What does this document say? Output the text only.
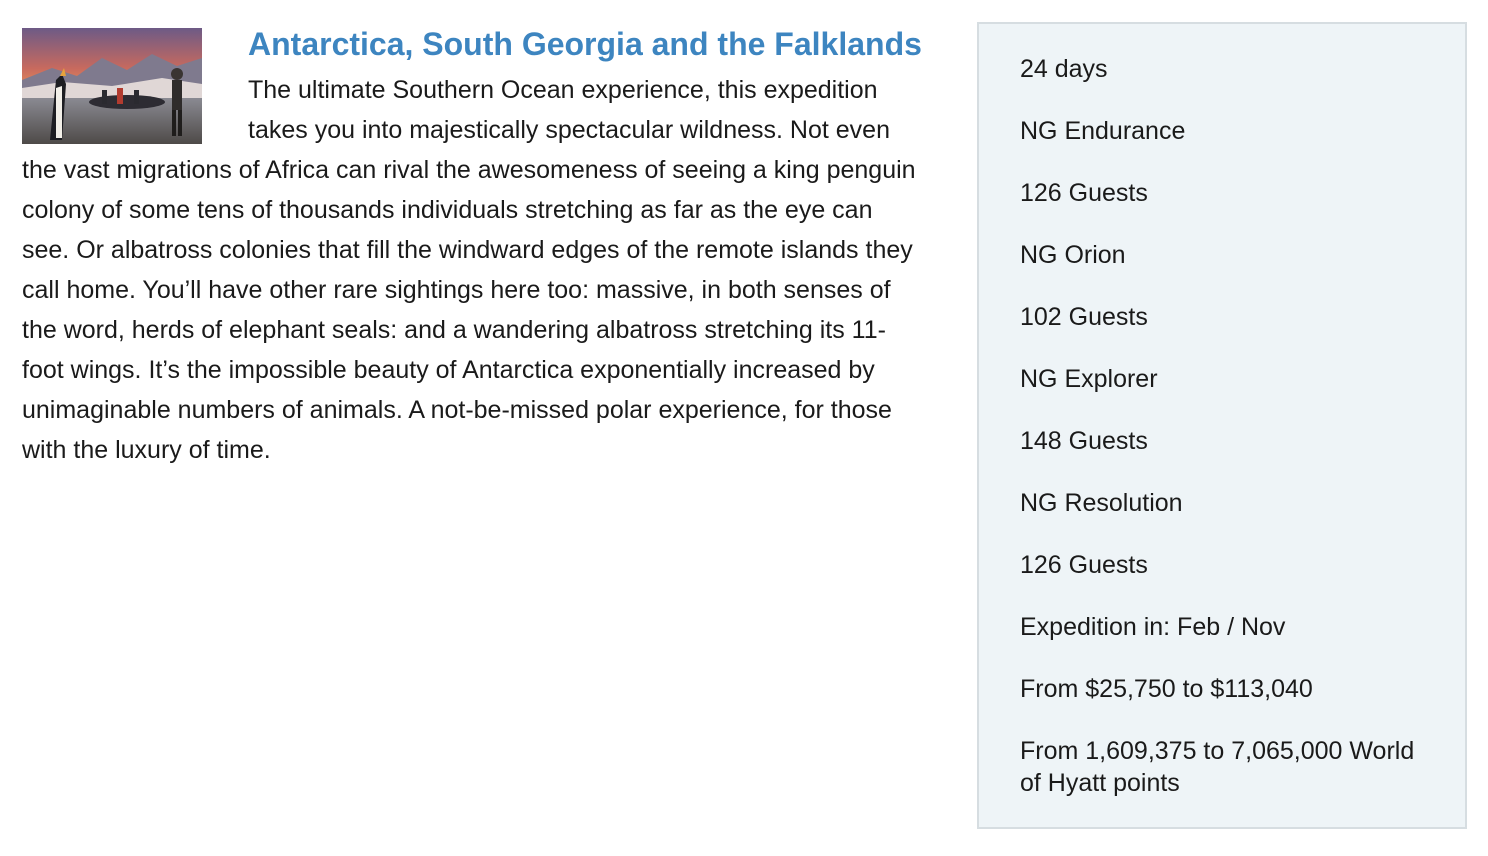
Antarctica, South Georgia and the Falklands

The ultimate Southern Ocean experience, this expedition takes you into majestically spectacular wildness. Not even the vast migrations of Africa can rival the awesomeness of seeing a king penguin colony of some tens of thousands individuals stretching as far as the eye can see. Or albatross colonies that fill the windward edges of the remote islands they call home. You’ll have other rare sightings here too: massive, in both senses of the word, herds of elephant seals: and a wandering albatross stretching its 11-foot wings. It’s the impossible beauty of Antarctica exponentially increased by unimaginable numbers of animals. A not-be-missed polar experience, for those with the luxury of time.

24 days
NG Endurance
126 Guests
NG Orion
102 Guests
NG Explorer
148 Guests
NG Resolution
126 Guests
Expedition in: Feb / Nov
From $25,750 to $113,040
From 1,609,375 to 7,065,000 World of Hyatt points
